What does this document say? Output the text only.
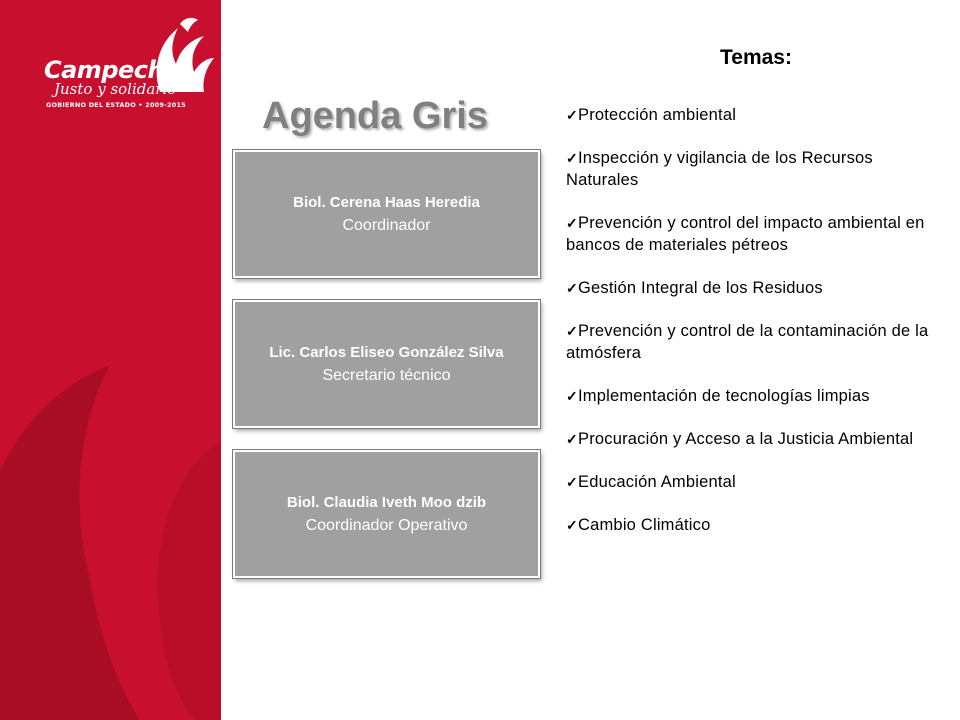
Campeche
Justo y solidario
GOBIERNO DEL ESTADO • 2009-2015 Agenda Gris
Biol. Cerena Haas Heredia
Coordinador
Lic. Carlos Eliseo González Silva
Secretario técnico
Biol. Claudia Iveth Moo dzib
Coordinador Operativo
Temas:
✓Protección ambiental
✓Inspección y vigilancia de los Recursos Naturales
✓Prevención y control del impacto ambiental en bancos de materiales pétreos
✓Gestión Integral de los Residuos
✓Prevención y control de la contaminación de la atmósfera
✓Implementación de tecnologías limpias
✓Procuración y Acceso a la Justicia Ambiental
✓Educación Ambiental
✓Cambio Climático
